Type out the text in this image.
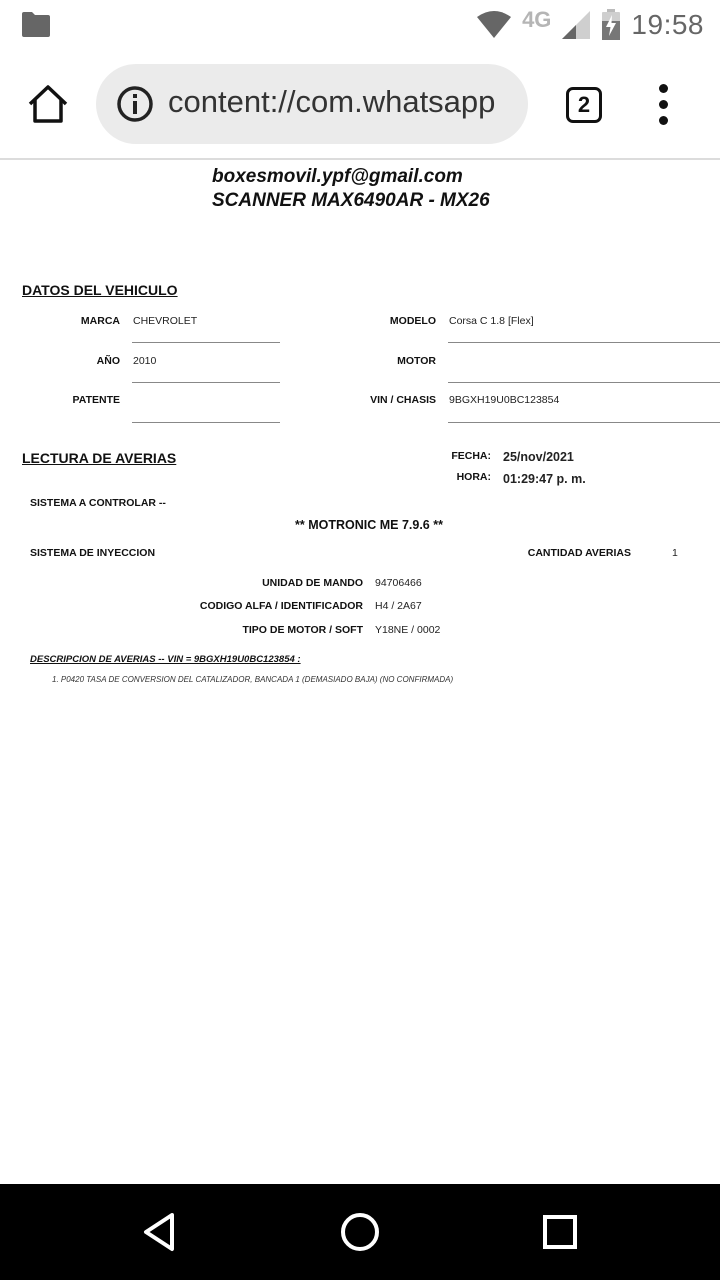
4G	19:58
content://com.whatsapp	2
boxesmovil.ypf@gmail.com
SCANNER MAX6490AR - MX26
DATOS DEL VEHICULO
MARCA CHEVROLET	MODELO Corsa C 1.8 [Flex]
AÑO 2010	MOTOR
PATENTE	VIN / CHASIS 9BGXH19U0BC123854
LECTURA DE AVERIAS	FECHA: 25/nov/2021
HORA: 01:29:47 p. m.
SISTEMA A CONTROLAR --
** MOTRONIC ME 7.9.6 **
SISTEMA DE INYECCION	CANTIDAD AVERIAS	1
UNIDAD DE MANDO 94706466
CODIGO ALFA / IDENTIFICADOR H4 / 2A67
TIPO DE MOTOR / SOFT Y18NE / 0002
DESCRIPCION DE AVERIAS -- VIN = 9BGXH19U0BC123854 :
1. P0420 TASA DE CONVERSION DEL CATALIZADOR, BANCADA 1 (DEMASIADO BAJA) (NO CONFIRMADA)
